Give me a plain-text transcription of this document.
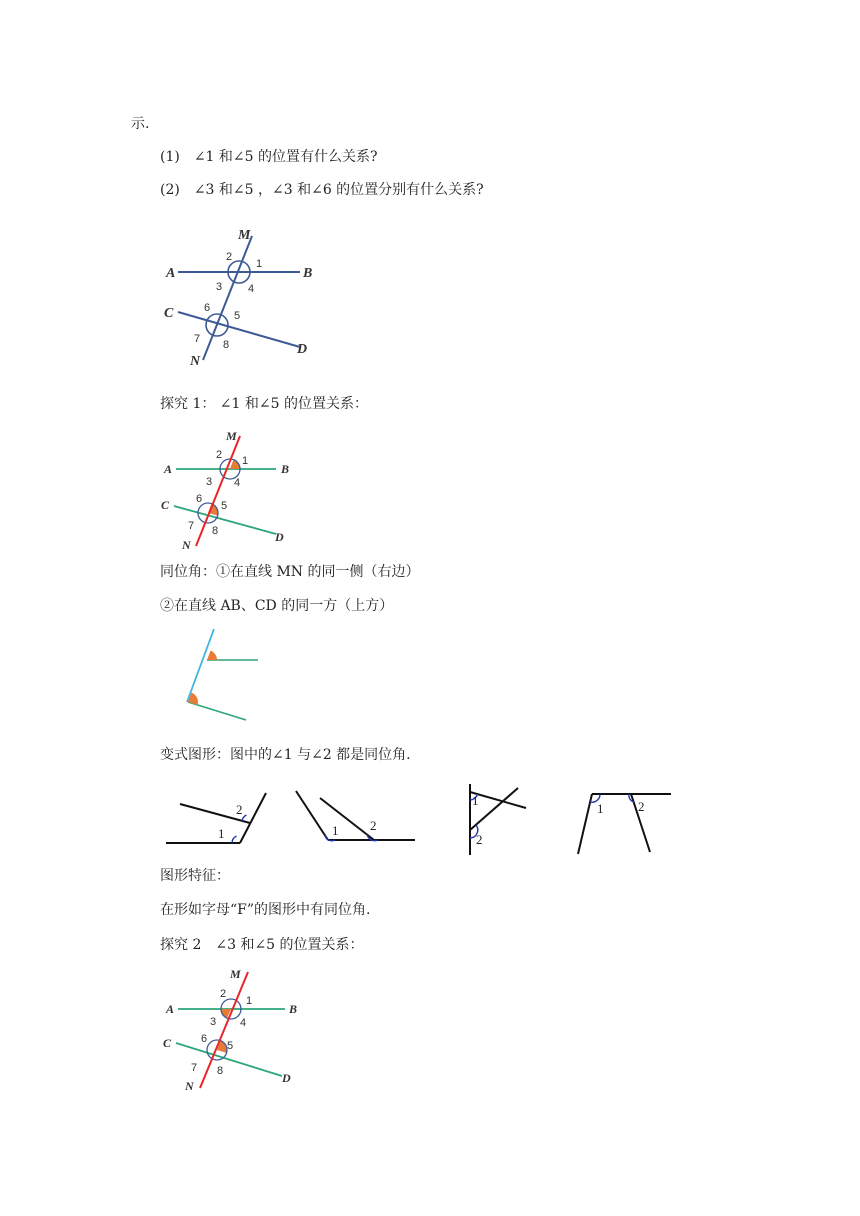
示.
(1)　∠1 和∠5 的位置有什么关系?
(2)　∠3 和∠5 ，∠3 和∠6 的位置分别有什么关系?
A	B
C
D
M
N
1
2
3 4
5
6
7 8
探究 1： ∠1 和∠5 的位置关系：
A	B
C
D
M
N
1
2
3 4
5
6
7 8
同位角：①在直线 MN 的同一侧（右边）
②在直线 AB、CD 的同一方（上方）
变式图形：图中的∠1 与∠2 都是同位角.
1
2
1 2
1
2
1	2
图形特征：
在形如字母“F”的图形中有同位角.
探究 2　∠3 和∠5 的位置关系：
A	B
C
D
M
N
1
2
3 4
5
6
7 8
